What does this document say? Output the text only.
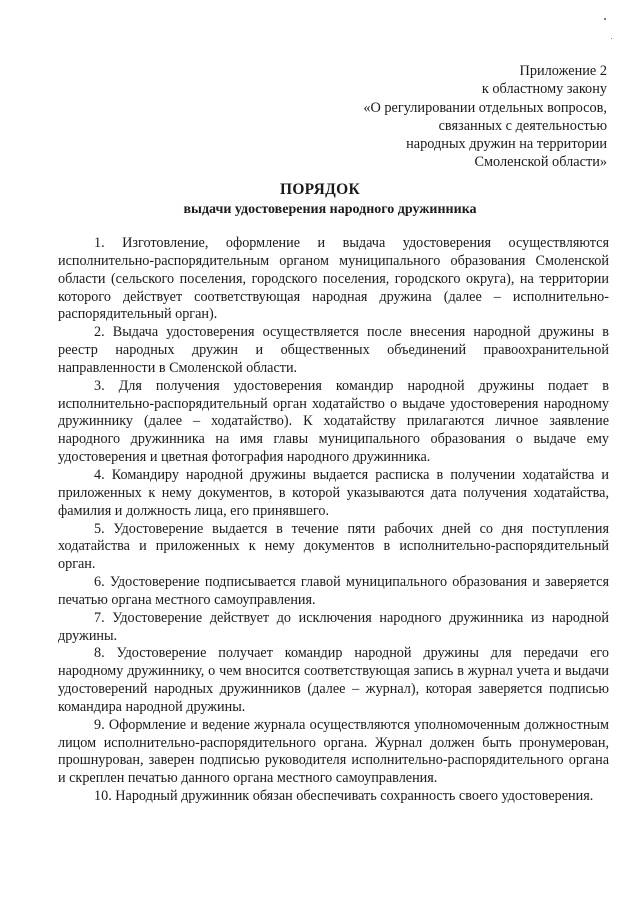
Приложение 2
к областному закону
«О регулировании отдельных вопросов,
связанных с деятельностью
народных дружин на территории
Смоленской области»
ПОРЯДОК
выдачи удостоверения народного дружинника

1. Изготовление, оформление и выдача удостоверения осуществляются исполнительно-распорядительным органом муниципального образования Смоленской области (сельского поселения, городского поселения, городского округа), на территории которого действует соответствующая народная дружина (далее – исполнительно-распорядительный орган).

2. Выдача удостоверения осуществляется после внесения народной дружины в реестр народных дружин и общественных объединений правоохранительной направленности в Смоленской области.

3. Для получения удостоверения командир народной дружины подает в исполнительно-распорядительный орган ходатайство о выдаче удостоверения народному дружиннику (далее – ходатайство). К ходатайству прилагаются личное заявление народного дружинника на имя главы муниципального образования о выдаче ему удостоверения и цветная фотография народного дружинника.

4. Командиру народной дружины выдается расписка в получении ходатайства и приложенных к нему документов, в которой указываются дата получения ходатайства, фамилия и должность лица, его принявшего.

5. Удостоверение выдается в течение пяти рабочих дней со дня поступления ходатайства и приложенных к нему документов в исполнительно-распорядительный орган.

6. Удостоверение подписывается главой муниципального образования и заверяется печатью органа местного самоуправления.

7. Удостоверение действует до исключения народного дружинника из народной дружины.

8. Удостоверение получает командир народной дружины для передачи его народному дружиннику, о чем вносится соответствующая запись в журнал учета и выдачи удостоверений народных дружинников (далее – журнал), которая заверяется подписью командира народной дружины.

9. Оформление и ведение журнала осуществляются уполномоченным должностным лицом исполнительно-распорядительного органа. Журнал должен быть пронумерован, прошнурован, заверен подписью руководителя исполнительно-распорядительного органа и скреплен печатью данного органа местного самоуправления.

10. Народный дружинник обязан обеспечивать сохранность своего удостоверения.
